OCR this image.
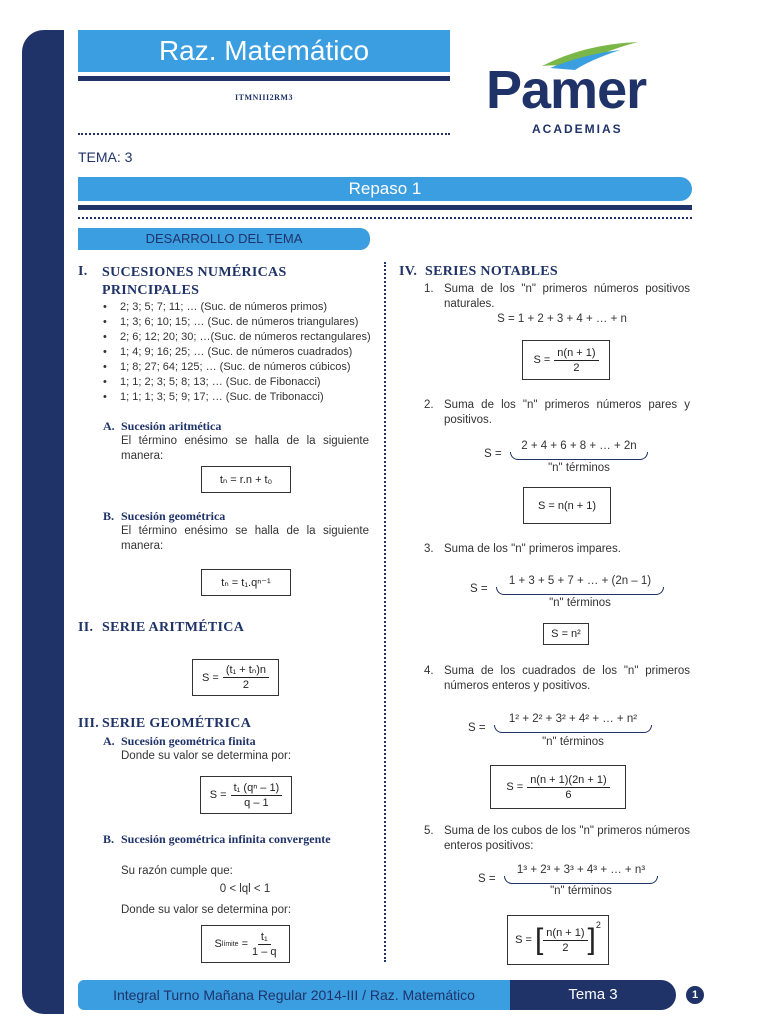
Raz. Matemático
ITMNIII2RM3	Pamer
ACADEMIAS
TEMA: 3
Repaso 1
DESARROLLO DEL TEMA
I. SUCESIONES NUMÉRICAS PRINCIPALES
• 2; 3; 5; 7; 11; … (Suc. de números primos)
• 1; 3; 6; 10; 15; … (Suc. de números triangulares)
• 2; 6; 12; 20; 30; …(Suc. de números rectangulares)
• 1; 4; 9; 16; 25; … (Suc. de números cuadrados)
• 1; 8; 27; 64; 125; … (Suc. de números cúbicos)
• 1; 1; 2; 3; 5; 8; 13; … (Suc. de Fibonacci)
• 1; 1; 1; 3; 5; 9; 17; … (Suc. de Tribonacci)
A. Sucesión aritmética
El término enésimo se halla de la siguiente manera:
tₙ = r.n + t₀
B. Sucesión geométrica
El término enésimo se halla de la siguiente manera:
tₙ = t₁.qⁿ⁻¹
II. SERIE ARITMÉTICA
$S = \frac{\text{(t₁ + tₙ)n}}{2}$
III. SERIE GEOMÉTRICA
A. Sucesión geométrica finita
Donde su valor se determina por:
$S = \frac{\text{t₁ (qⁿ – 1)}}{q - 1}$
B. Sucesión geométrica infinita convergente
Su razón cumple que:
0 < lql < 1
Donde su valor se determina por:
S límite
= $\frac{\text{t₁}}{1 - q}$
IV. SERIES NOTABLES
1. Suma de los "n" primeros números positivos naturales.
S = 1 + 2 + 3 + 4 + … + n
$S = \frac{n(n + 1)}{2}$
2. Suma de los "n" primeros números pares y positivos.
S =
2 + 4 + 6 + 8 + … + 2n
"n" términos
S = n(n + 1)
3. Suma de los "n" primeros impares.
S =
1 + 3 + 5 + 7 + … + (2n – 1)
"n" términos
S = n²
4. Suma de los cuadrados de los "n" primeros números enteros y positivos.
S =
1² + 2² + 3² + 4² + … + n²
"n" términos
$S = \frac{n(n + 1)(2n + 1)}{6}$
5. Suma de los cubos de los "n" primeros números enteros positivos:
S =
1³ + 2³ + 3³ + 4³ + … + n³
"n" términos
S = [ $\frac{n(n + 1)}{2} ]^2$
Integral Turno Mañana Regular 2014-III / Raz. Matemático	Tema 3	1
